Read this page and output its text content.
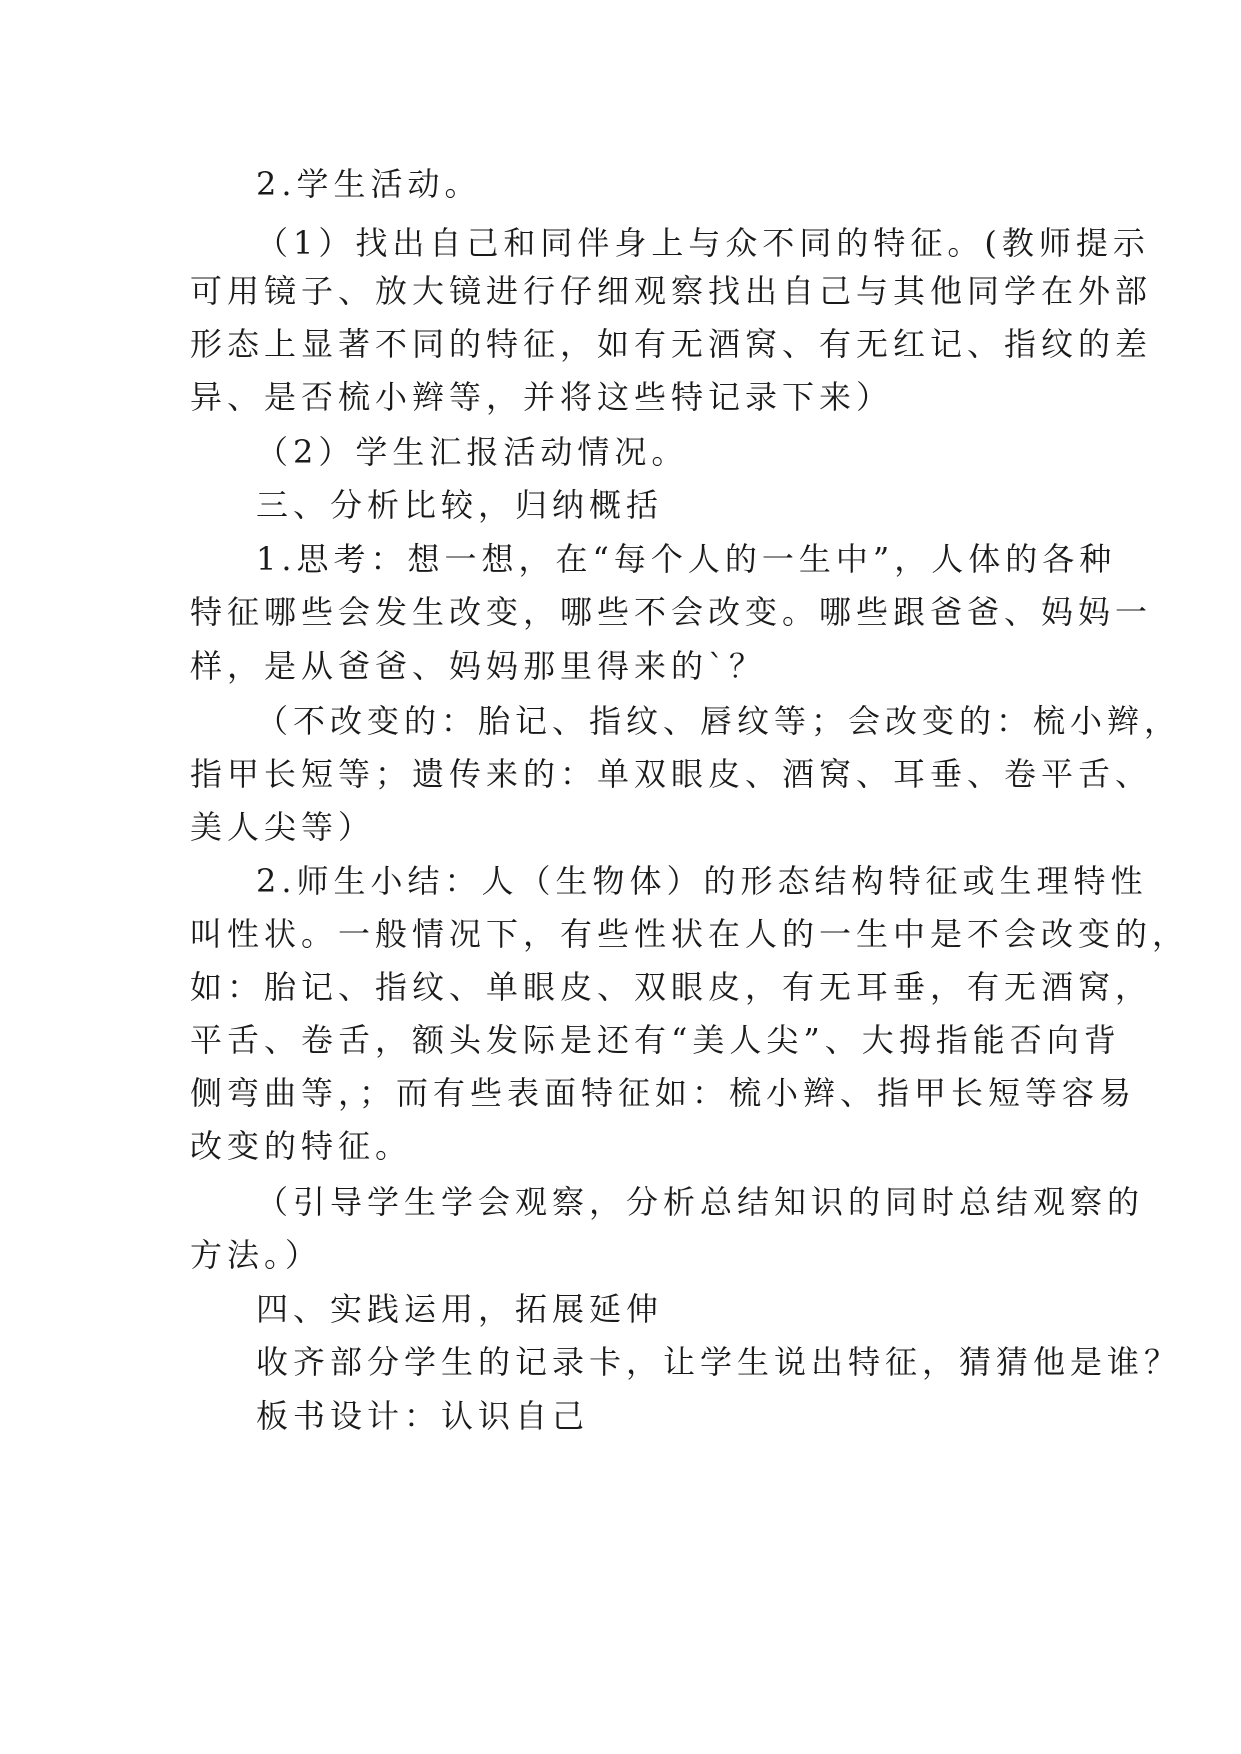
2.学生活动。
（1）找出自己和同伴身上与众不同的特征。(教师提示
可用镜子、放大镜进行仔细观察找出自己与其他同学在外部
形态上显著不同的特征，如有无酒窝、有无红记、指纹的差
异、是否梳小辫等，并将这些特记录下来）
（2）学生汇报活动情况。
三、分析比较，归纳概括
1.思考：想一想，在“每个人的一生中”，人体的各种
特征哪些会发生改变，哪些不会改变。哪些跟爸爸、妈妈一
样，是从爸爸、妈妈那里得来的`？
（不改变的：胎记、指纹、唇纹等；会改变的：梳小辫，
指甲长短等；遗传来的：单双眼皮、酒窝、耳垂、卷平舌、
美人尖等）
2.师生小结：人（生物体）的形态结构特征或生理特性
叫性状。一般情况下，有些性状在人的一生中是不会改变的，
如：胎记、指纹、单眼皮、双眼皮，有无耳垂，有无酒窝，
平舌、卷舌，额头发际是还有“美人尖”、大拇指能否向背
侧弯曲等，；而有些表面特征如：梳小辫、指甲长短等容易
改变的特征。
（引导学生学会观察，分析总结知识的同时总结观察的
方法。）
四、实践运用，拓展延伸
收齐部分学生的记录卡，让学生说出特征，猜猜他是谁？
板书设计：认识自己
